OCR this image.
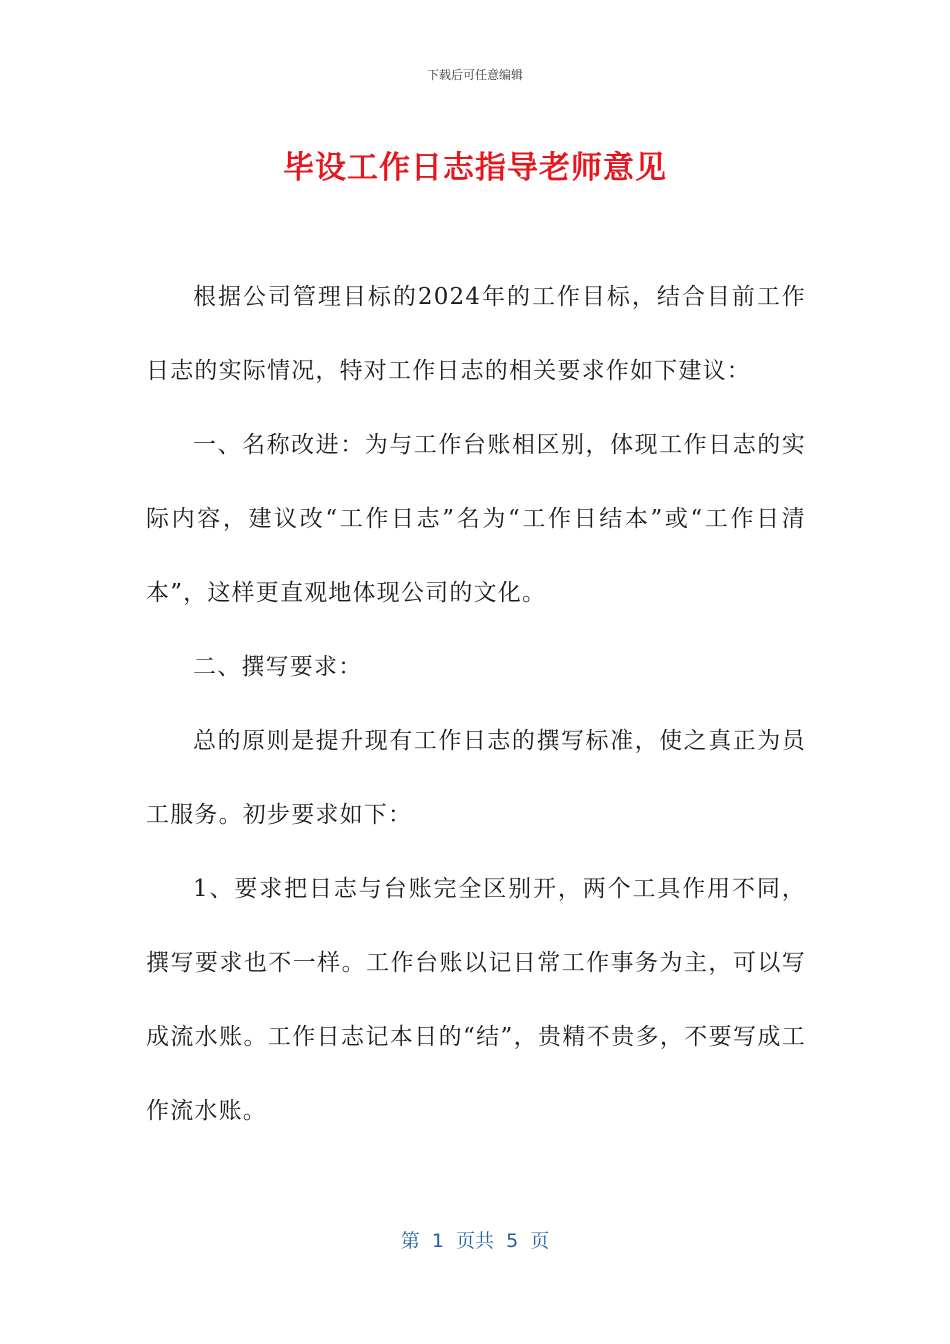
下载后可任意编辑
毕设工作日志指导老师意见

根据公司管理目标的2024年的工作目标，结合目前工作日志的实际情况，特对工作日志的相关要求作如下建议：

一、名称改进：为与工作台账相区别，体现工作日志的实际内容，建议改“工作日志”名为“工作日结本”或“工作日清本”，这样更直观地体现公司的文化。

二、撰写要求：

总的原则是提升现有工作日志的撰写标准，使之真正为员工服务。初步要求如下：

1、要求把日志与台账完全区别开，两个工具作用不同，撰写要求也不一样。工作台账以记日常工作事务为主，可以写成流水账。工作日志记本日的“结”，贵精不贵多，不要写成工作流水账。

第  1  页共  5  页
